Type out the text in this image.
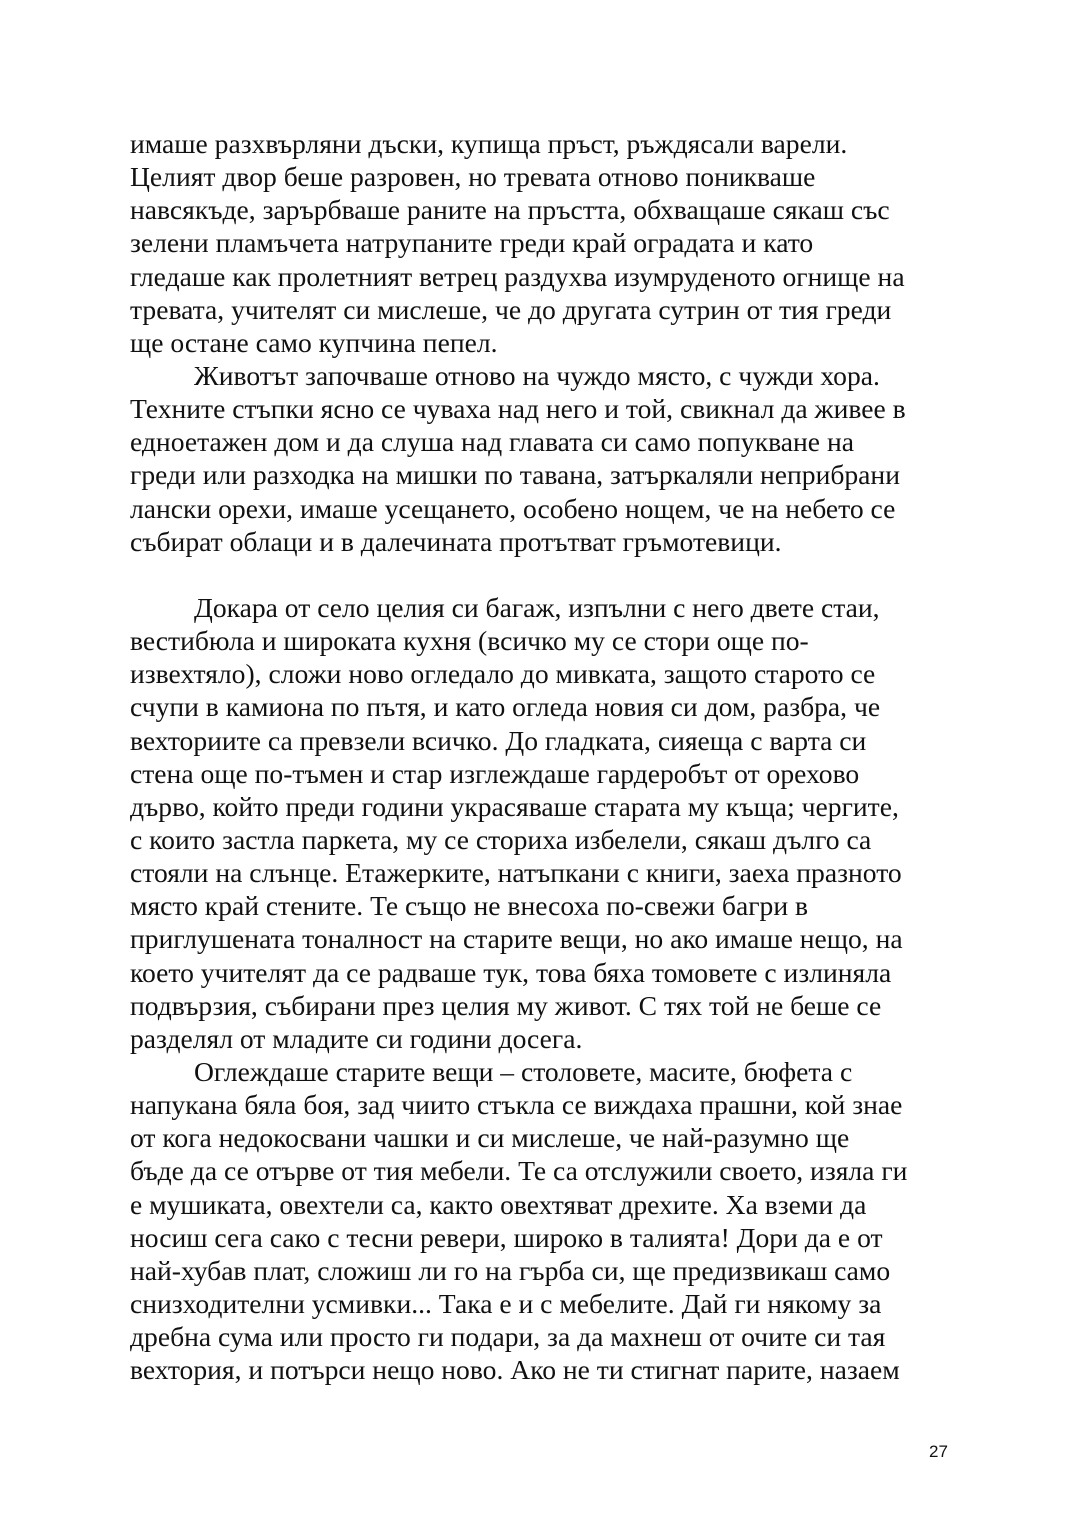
имаше разхвърляни дъски, купища пръст, ръждясали варели.
Целият двор беше разровен, но тревата отново поникваше
навсякъде, зарърбваше раните на пръстта, обхващаше сякаш със
зелени пламъчета натрупаните греди край оградата и като
гледаше как пролетният ветрец раздухва изумруденото огнище на
тревата, учителят си мислеше, че до другата сутрин от тия греди
ще остане само купчина пепел.
Животът започваше отново на чуждо място, с чужди хора.
Техните стъпки ясно се чуваха над него и той, свикнал да живее в
едноетажен дом и да слуша над главата си само попукване на
греди или разходка на мишки по тавана, затъркаляли неприбрани
лански орехи, имаше усещането, особено нощем, че на небето се
събират облаци и в далечината протътват гръмотевици.
Докара от село целия си багаж, изпълни с него двете стаи,
вестибюла и широката кухня (всичко му се стори още по-
извехтяло), сложи ново огледало до мивката, защото старото се
счупи в камиона по пътя, и като огледа новия си дом, разбра, че
вехториите са превзели всичко. До гладката, сияеща с варта си
стена още по-тъмен и стар изглеждаше гардеробът от орехово
дърво, който преди години украсяваше старата му къща; чергите,
с които застла паркета, му се сториха избелели, сякаш дълго са
стояли на слънце. Етажерките, натъпкани с книги, заеха празното
място край стените. Те също не внесоха по-свежи багри в
приглушената тоналност на старите вещи, но ако имаше нещо, на
което учителят да се радваше тук, това бяха томовете с излиняла
подвързия, събирани през целия му живот. С тях той не беше се
разделял от младите си години досега.
Оглеждаше старите вещи – столовете, масите, бюфета с
напукана бяла боя, зад чиито стъкла се виждаха прашни, кой знае
от кога недокосвани чашки и си мислеше, че най-разумно ще
бъде да се отърве от тия мебели. Те са отслужили своето, изяла ги
е мушиката, овехтели са, както овехтяват дрехите. Ха вземи да
носиш сега сако с тесни ревери, широко в талията! Дори да е от
най-хубав плат, сложиш ли го на гърба си, ще предизвикаш само
снизходителни усмивки... Така е и с мебелите. Дай ги някому за
дребна сума или просто ги подари, за да махнеш от очите си тая
вехтория, и потърси нещо ново. Ако не ти стигнат парите, назаем
27
